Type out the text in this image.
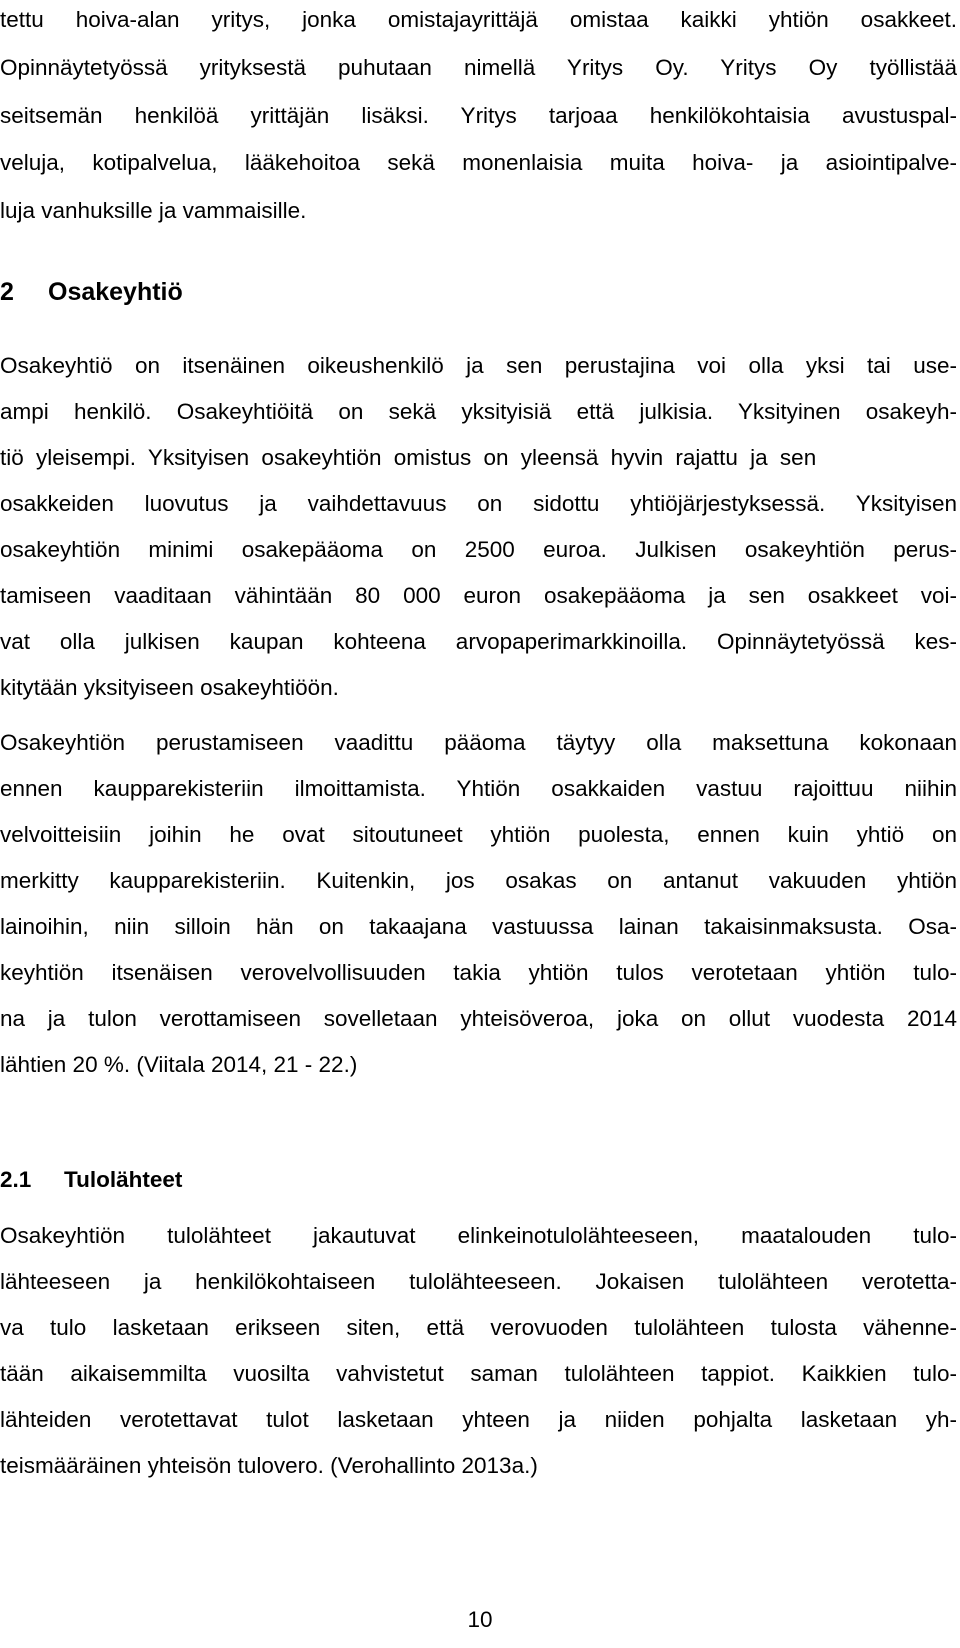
tettu hoiva-alan yritys, jonka omistajayrittäjä omistaa kaikki yhtiön osakkeet.
Opinnäytetyössä yrityksestä puhutaan nimellä Yritys Oy. Yritys Oy työllistää
seitsemän henkilöä yrittäjän lisäksi. Yritys tarjoaa henkilökohtaisia avustuspal-
veluja, kotipalvelua, lääkehoitoa sekä monenlaisia muita hoiva- ja asiointipalve-
luja vanhuksille ja vammaisille.
2 Osakeyhtiö
Osakeyhtiö on itsenäinen oikeushenkilö ja sen perustajina voi olla yksi tai use-
ampi henkilö. Osakeyhtiöitä on sekä yksityisiä että julkisia. Yksityinen osakeyh-
tiö yleisempi. Yksityisen osakeyhtiön omistus on yleensä hyvin rajattu ja sen
osakkeiden luovutus ja vaihdettavuus on sidottu yhtiöjärjestyksessä. Yksityisen
osakeyhtiön minimi osakepääoma on 2500 euroa. Julkisen osakeyhtiön perus-
tamiseen vaaditaan vähintään 80 000 euron osakepääoma ja sen osakkeet voi-
vat olla julkisen kaupan kohteena arvopaperimarkkinoilla. Opinnäytetyössä kes-
kitytään yksityiseen osakeyhtiöön.
Osakeyhtiön perustamiseen vaadittu pääoma täytyy olla maksettuna kokonaan
ennen kaupparekisteriin ilmoittamista. Yhtiön osakkaiden vastuu rajoittuu niihin
velvoitteisiin joihin he ovat sitoutuneet yhtiön puolesta, ennen kuin yhtiö on
merkitty kaupparekisteriin. Kuitenkin, jos osakas on antanut vakuuden yhtiön
lainoihin, niin silloin hän on takaajana vastuussa lainan takaisinmaksusta. Osa-
keyhtiön itsenäisen verovelvollisuuden takia yhtiön tulos verotetaan yhtiön tulo-
na ja tulon verottamiseen sovelletaan yhteisöveroa, joka on ollut vuodesta 2014
lähtien 20 %. (Viitala 2014, 21 - 22.)
2.1 Tulolähteet
Osakeyhtiön tulolähteet jakautuvat elinkeinotulolähteeseen, maatalouden tulo-
lähteeseen ja henkilökohtaiseen tulolähteeseen. Jokaisen tulolähteen verotetta-
va tulo lasketaan erikseen siten, että verovuoden tulolähteen tulosta vähenne-
tään aikaisemmilta vuosilta vahvistetut saman tulolähteen tappiot. Kaikkien tulo-
lähteiden verotettavat tulot lasketaan yhteen ja niiden pohjalta lasketaan yh-
teismääräinen yhteisön tulovero. (Verohallinto 2013a.)
10
